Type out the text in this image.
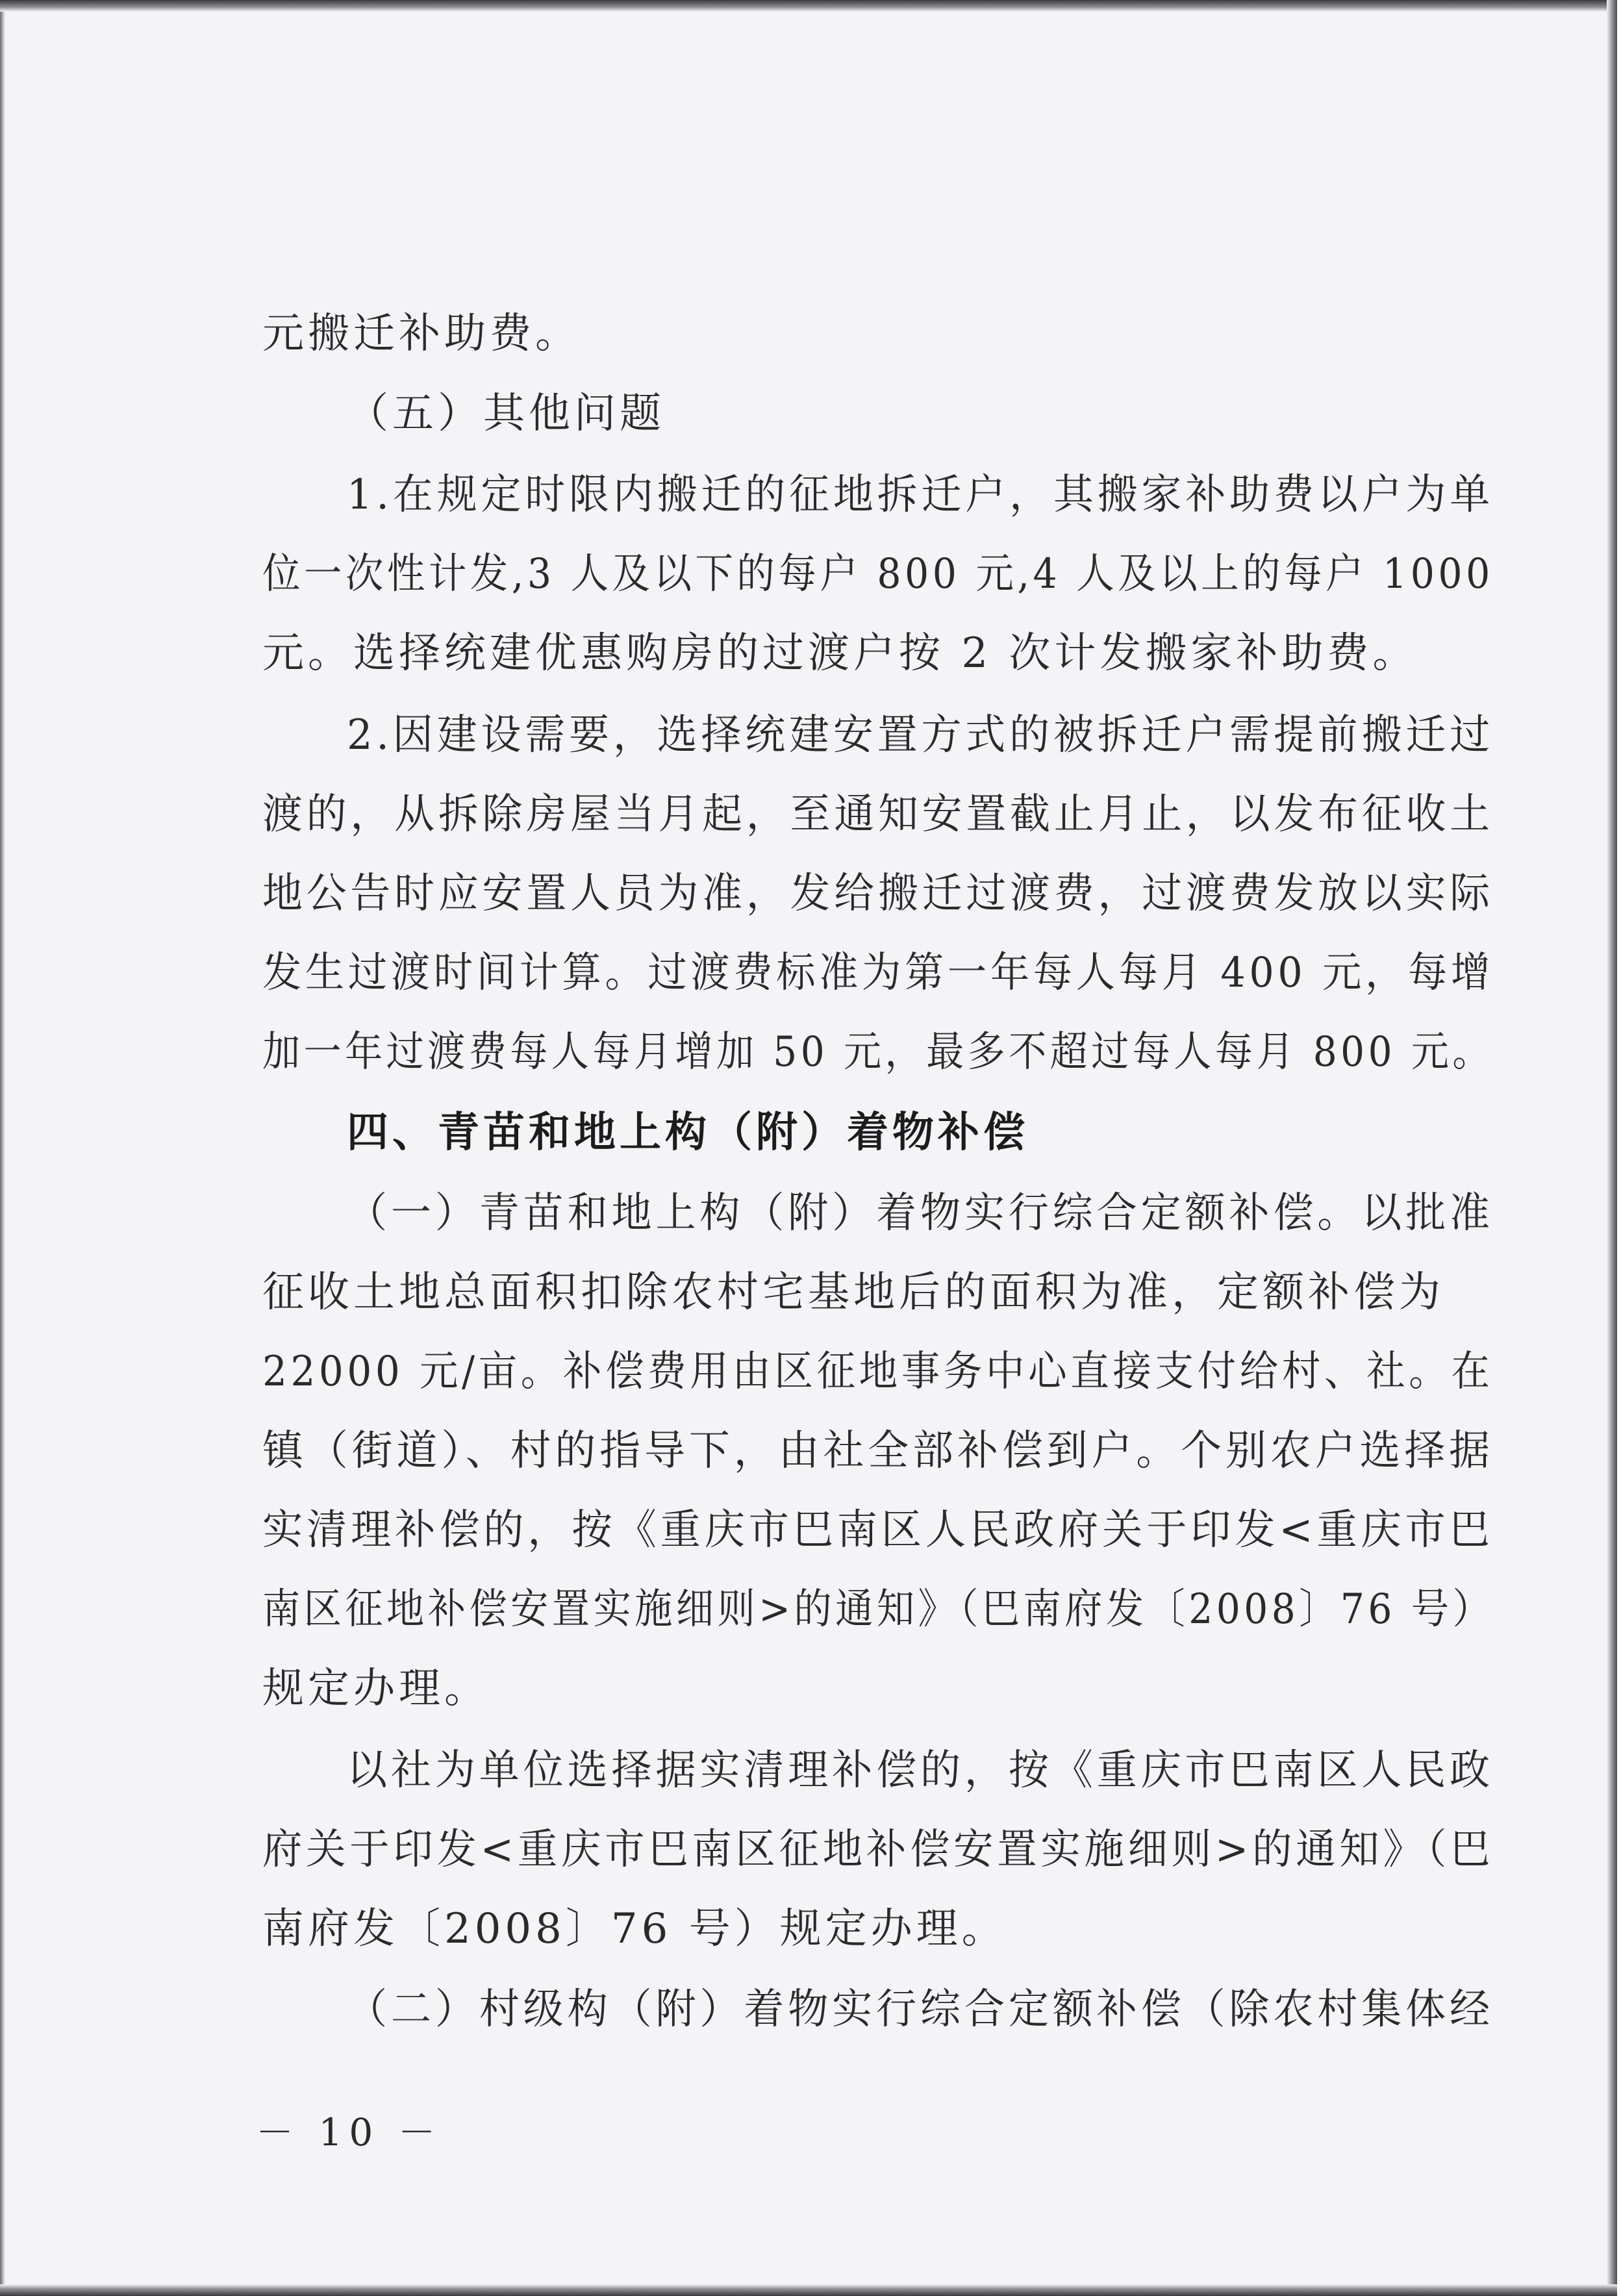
元搬迁补助费。

（五）其他问题

1.在规定时限内搬迁的征地拆迁户，其搬家补助费以户为单

位一次性计发,3 人及以下的每户 800 元,4 人及以上的每户 1000

元。选择统建优惠购房的过渡户按 2 次计发搬家补助费。

2.因建设需要，选择统建安置方式的被拆迁户需提前搬迁过

渡的，从拆除房屋当月起，至通知安置截止月止，以发布征收土

地公告时应安置人员为准，发给搬迁过渡费，过渡费发放以实际

发生过渡时间计算。过渡费标准为第一年每人每月 400 元，每增

加一年过渡费每人每月增加 50 元，最多不超过每人每月 800 元。

四、青苗和地上构（附）着物补偿

（一）青苗和地上构（附）着物实行综合定额补偿。以批准

征收土地总面积扣除农村宅基地后的面积为准，定额补偿为

22000 元/亩。补偿费用由区征地事务中心直接支付给村、社。在

镇（街道）、村的指导下，由社全部补偿到户。个别农户选择据

实清理补偿的，按《重庆市巴南区人民政府关于印发<重庆市巴

南区征地补偿安置实施细则>的通知》（巴南府发〔2008〕76 号）

规定办理。

以社为单位选择据实清理补偿的，按《重庆市巴南区人民政

府关于印发<重庆市巴南区征地补偿安置实施细则>的通知》（巴

南府发〔2008〕76 号）规定办理。

（二）村级构（附）着物实行综合定额补偿（除农村集体经

－ 10 －
